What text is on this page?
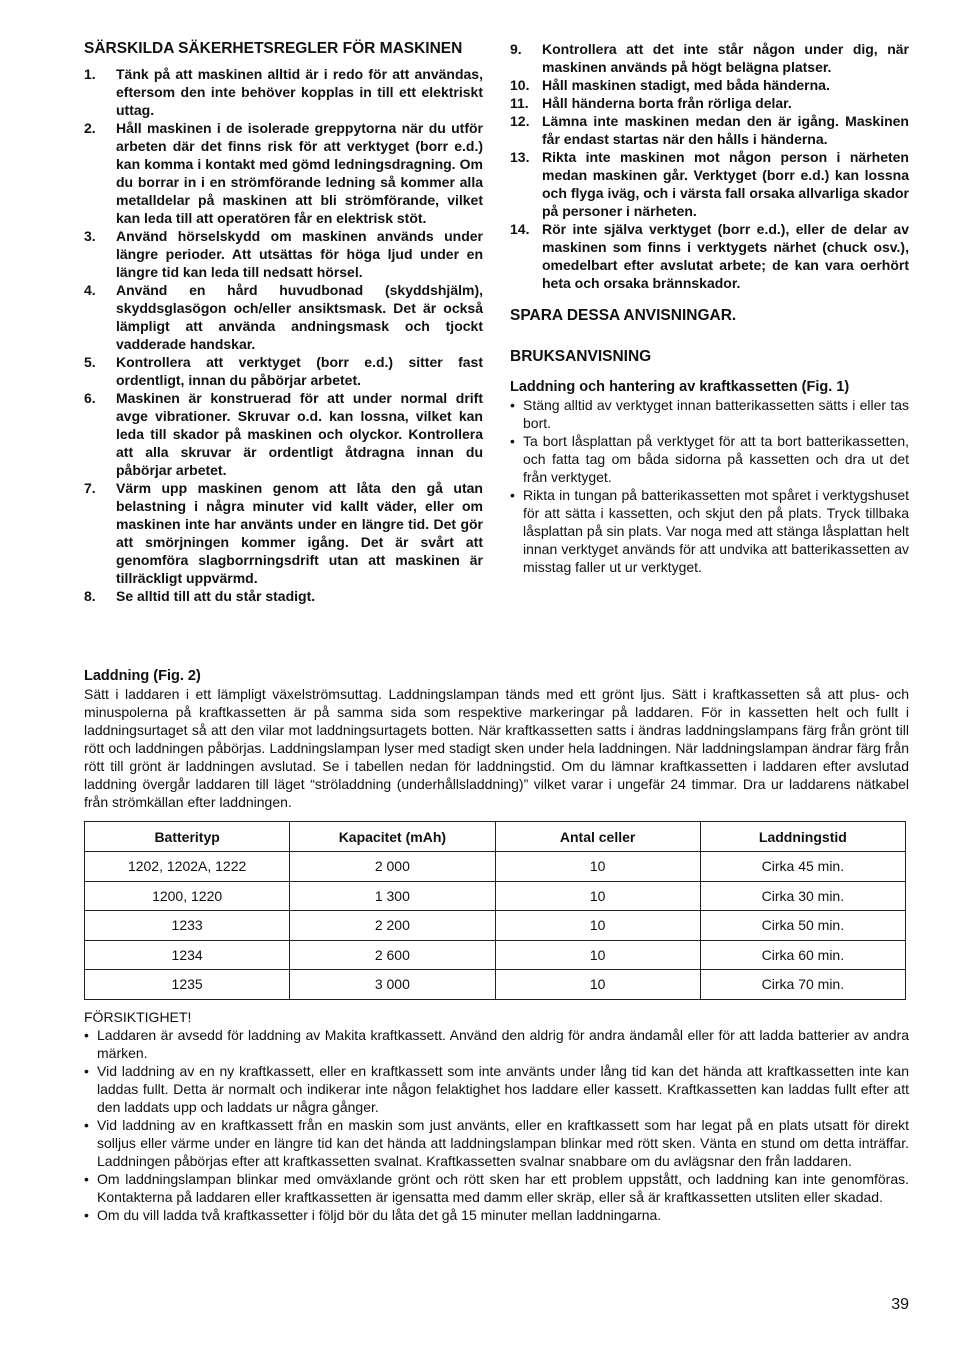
SÄRSKILDA SÄKERHETSREGLER FÖR MASKINEN
1. Tänk på att maskinen alltid är i redo för att användas, eftersom den inte behöver kopplas in till ett elektriskt uttag.
2. Håll maskinen i de isolerade greppytorna när du utför arbeten där det finns risk för att verktyget (borr e.d.) kan komma i kontakt med gömd ledningsdragning. Om du borrar in i en strömförande ledning så kommer alla metalldelar på maskinen att bli strömförande, vilket kan leda till att operatören får en elektrisk stöt.
3. Använd hörselskydd om maskinen används under längre perioder. Att utsättas för höga ljud under en längre tid kan leda till nedsatt hörsel.
4. Använd en hård huvudbonad (skyddshjälm), skyddsglasögon och/eller ansiktsmask. Det är också lämpligt att använda andningsmask och tjockt vadderade handskar.
5. Kontrollera att verktyget (borr e.d.) sitter fast ordentligt, innan du påbörjar arbetet.
6. Maskinen är konstruerad för att under normal drift avge vibrationer. Skruvar o.d. kan lossna, vilket kan leda till skador på maskinen och olyckor. Kontrollera att alla skruvar är ordentligt åtdragna innan du påbörjar arbetet.
7. Värm upp maskinen genom att låta den gå utan belastning i några minuter vid kallt väder, eller om maskinen inte har använts under en längre tid. Det gör att smörjningen kommer igång. Det är svårt att genomföra slagborrningsdrift utan att maskinen är tillräckligt uppvärmd.
8. Se alltid till att du står stadigt.
9. Kontrollera att det inte står någon under dig, när maskinen används på högt belägna platser.
10. Håll maskinen stadigt, med båda händerna.
11. Håll händerna borta från rörliga delar.
12. Lämna inte maskinen medan den är igång. Maskinen får endast startas när den hålls i händerna.
13. Rikta inte maskinen mot någon person i närheten medan maskinen går. Verktyget (borr e.d.) kan lossna och flyga iväg, och i värsta fall orsaka allvarliga skador på personer i närheten.
14. Rör inte själva verktyget (borr e.d.), eller de delar av maskinen som finns i verktygets närhet (chuck osv.), omedelbart efter avslutat arbete; de kan vara oerhört heta och orsaka brännskador.
SPARA DESSA ANVISNINGAR.
BRUKSANVISNING
Laddning och hantering av kraftkassetten (Fig. 1)
• Stäng alltid av verktyget innan batterikassetten sätts i eller tas bort.
• Ta bort låsplattan på verktyget för att ta bort batterikassetten, och fatta tag om båda sidorna på kassetten och dra ut det från verktyget.
• Rikta in tungan på batterikassetten mot spåret i verktygshuset för att sätta i kassetten, och skjut den på plats. Tryck tillbaka låsplattan på sin plats. Var noga med att stänga låsplattan helt innan verktyget används för att undvika att batterikassetten av misstag faller ut ur verktyget.
Laddning (Fig. 2)

Sätt i laddaren i ett lämpligt växelströmsuttag. Laddningslampan tänds med ett grönt ljus. Sätt i kraftkassetten så att plus- och minuspolerna på kraftkassetten är på samma sida som respektive markeringar på laddaren. För in kassetten helt och fullt i laddningsurtaget så att den vilar mot laddningsurtagets botten. När kraftkassetten satts i ändras laddningslampans färg från grönt till rött och laddningen påbörjas. Laddningslampan lyser med stadigt sken under hela laddningen. När laddningslampan ändrar färg från rött till grönt är laddningen avslutad. Se i tabellen nedan för laddningstid. Om du lämnar kraftkassetten i laddaren efter avslutad laddning övergår laddaren till läget “ströladdning (underhållsladdning)” vilket varar i ungefär 24 timmar. Dra ur laddarens nätkabel från strömkällan efter laddningen.

Batterityp	Kapacitet (mAh)	Antal celler	Laddningstid
1202, 1202A, 1222	2 000	10	Cirka 45 min.
1200, 1220	1 300	10	Cirka 30 min.
1233	2 200	10	Cirka 50 min.
1234	2 600	10	Cirka 60 min.
1235	3 000	10	Cirka 70 min.
FÖRSIKTIGHET!
• Laddaren är avsedd för laddning av Makita kraftkassett. Använd den aldrig för andra ändamål eller för att ladda batterier av andra märken.
• Vid laddning av en ny kraftkassett, eller en kraftkassett som inte använts under lång tid kan det hända att kraftkassetten inte kan laddas fullt. Detta är normalt och indikerar inte någon felaktighet hos laddare eller kassett. Kraftkassetten kan laddas fullt efter att den laddats upp och laddats ur några gånger.
• Vid laddning av en kraftkassett från en maskin som just använts, eller en kraftkassett som har legat på en plats utsatt för direkt solljus eller värme under en längre tid kan det hända att laddningslampan blinkar med rött sken. Vänta en stund om detta inträffar. Laddningen påbörjas efter att kraftkassetten svalnat. Kraftkassetten svalnar snabbare om du avlägsnar den från laddaren.
• Om laddningslampan blinkar med omväxlande grönt och rött sken har ett problem uppstått, och laddning kan inte genomföras. Kontakterna på laddaren eller kraftkassetten är igensatta med damm eller skräp, eller så är kraftkassetten utsliten eller skadad.
• Om du vill ladda två kraftkassetter i följd bör du låta det gå 15 minuter mellan laddningarna.
39
